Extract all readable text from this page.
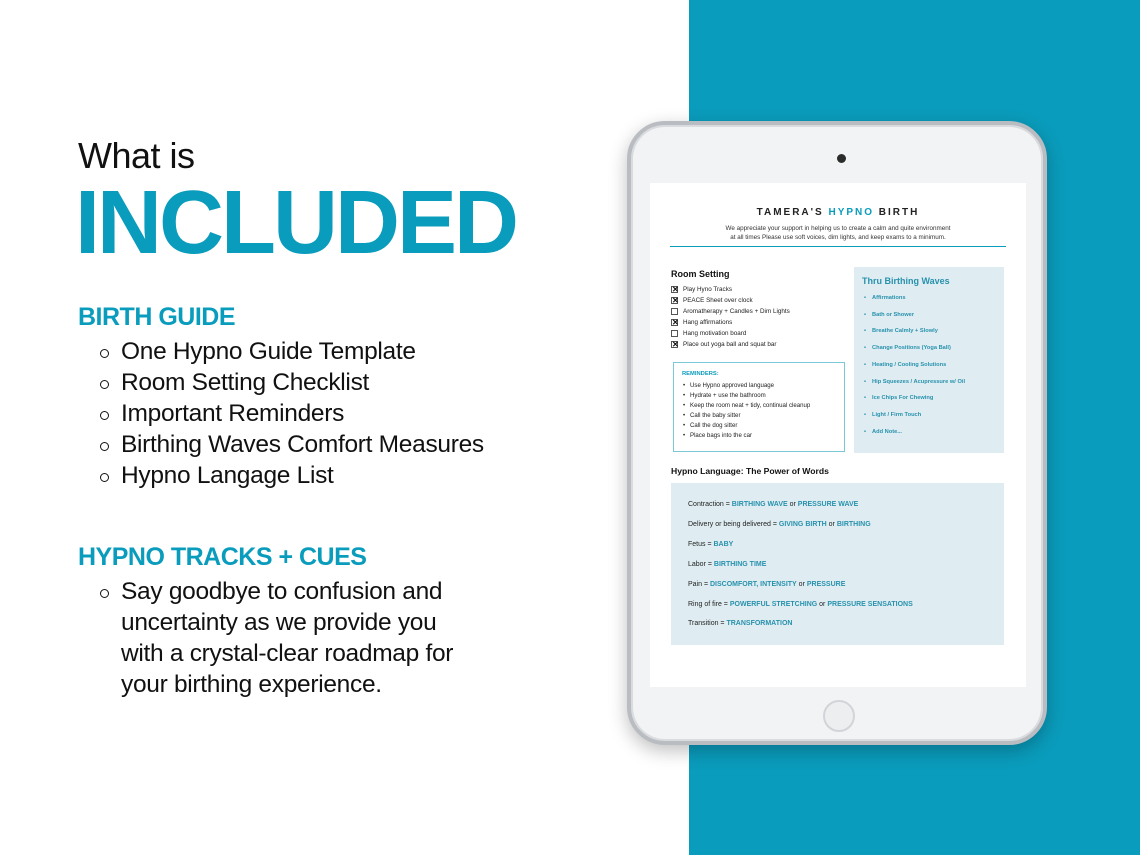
What is
INCLUDED
BIRTH GUIDE
One Hypno Guide Template
Room Setting Checklist
Important Reminders
Birthing Waves Comfort Measures
Hypno Langage List
HYPNO TRACKS + CUES
Say goodbye to confusion and uncertainty as we provide you with a crystal-clear roadmap for your birthing experience.
TAMERA'S HYPNO BIRTH
We appreciate your support in helping us to create a calm and quite environment
at all times Please use soft voices, dim lights, and keep exams to a minimum.
Room Setting
✕ Play Hyno Tracks
✕ PEACE Sheet over clock
Aromatherapy + Candles + Dim Lights
✕ Hang affirmations
Hang motivation board
✕ Place out yoga ball and squat bar
REMINDERS:
• Use Hypno approved language
• Hydrate + use the bathroom
• Keep the room neat + tidy, continual cleanup
• Call the baby sitter
• Call the dog sitter
• Place bags into the car
Thru Birthing Waves
• Affirmations
• Bath or Shower
• Breathe Calmly + Slowly
• Change Positions (Yoga Ball)
• Heating / Cooling Solutions
• Hip Squeezes / Acupressure w/ Oil
• Ice Chips For Chewing
• Light / Firm Touch
• Add Note...
Hypno Language: The Power of Words
Contraction = BIRTHING WAVE or PRESSURE WAVE
Delivery or being delivered = GIVING BIRTH or BIRTHING
Fetus = BABY
Labor = BIRTHING TIME
Pain = DISCOMFORT, INTENSITY or PRESSURE
Ring of fire = POWERFUL STRETCHING or PRESSURE SENSATIONS
Transition = TRANSFORMATION
